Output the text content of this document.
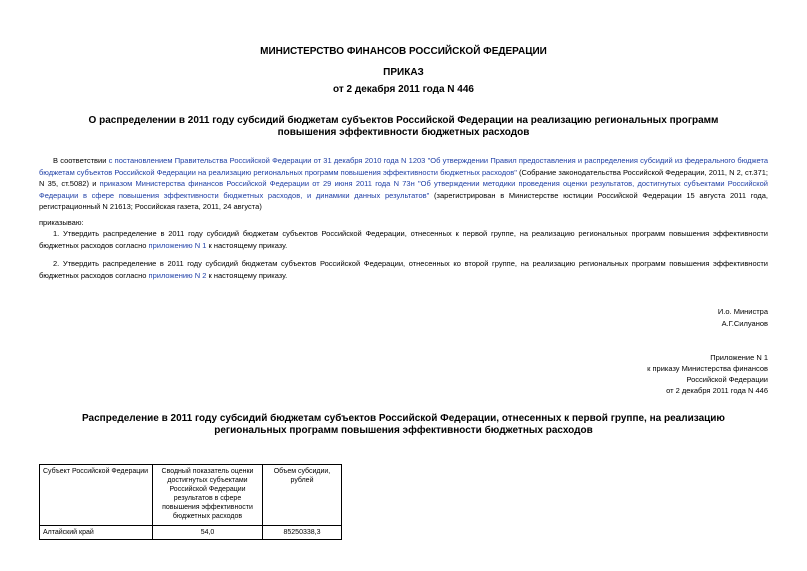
МИНИСТЕРСТВО ФИНАНСОВ РОССИЙСКОЙ ФЕДЕРАЦИИ
ПРИКАЗ
от 2 декабря 2011 года N 446
О распределении в 2011 году субсидий бюджетам субъектов Российской Федерации на реализацию региональных программ повышения эффективности бюджетных расходов
В соответствии с постановлением Правительства Российской Федерации от 31 декабря 2010 года N 1203 "Об утверждении Правил предоставления и распределения субсидий из федерального бюджета бюджетам субъектов Российской Федерации на реализацию региональных программ повышения эффективности бюджетных расходов" (Собрание законодательства Российской Федерации, 2011, N 2, ст.371; N 35, ст.5082) и приказом Министерства финансов Российской Федерации от 29 июня 2011 года N 73н "Об утверждении методики проведения оценки результатов, достигнутых субъектами Российской Федерации в сфере повышения эффективности бюджетных расходов, и динамики данных результатов" (зарегистрирован в Министерстве юстиции Российской Федерации 15 августа 2011 года, регистрационный N 21613; Российская газета, 2011, 24 августа)
приказываю:
1. Утвердить распределение в 2011 году субсидий бюджетам субъектов Российской Федерации, отнесенных к первой группе, на реализацию региональных программ повышения эффективности бюджетных расходов согласно приложению N 1 к настоящему приказу.
2. Утвердить распределение в 2011 году субсидий бюджетам субъектов Российской Федерации, отнесенных ко второй группе, на реализацию региональных программ повышения эффективности бюджетных расходов согласно приложению N 2 к настоящему приказу.
И.о. Министра
А.Г.Силуанов
Приложение N 1
к приказу Министерства финансов
Российской Федерации
от 2 декабря 2011 года N 446
Распределение в 2011 году субсидий бюджетам субъектов Российской Федерации, отнесенных к первой группе, на реализацию региональных программ повышения эффективности бюджетных расходов
Субъект Российской Федерации	Сводный показатель оценки достигнутых субъектами Российской Федерации результатов в сфере повышения эффективности бюджетных расходов	Объем субсидии, рублей
Алтайский край	54,0	85250338,3
